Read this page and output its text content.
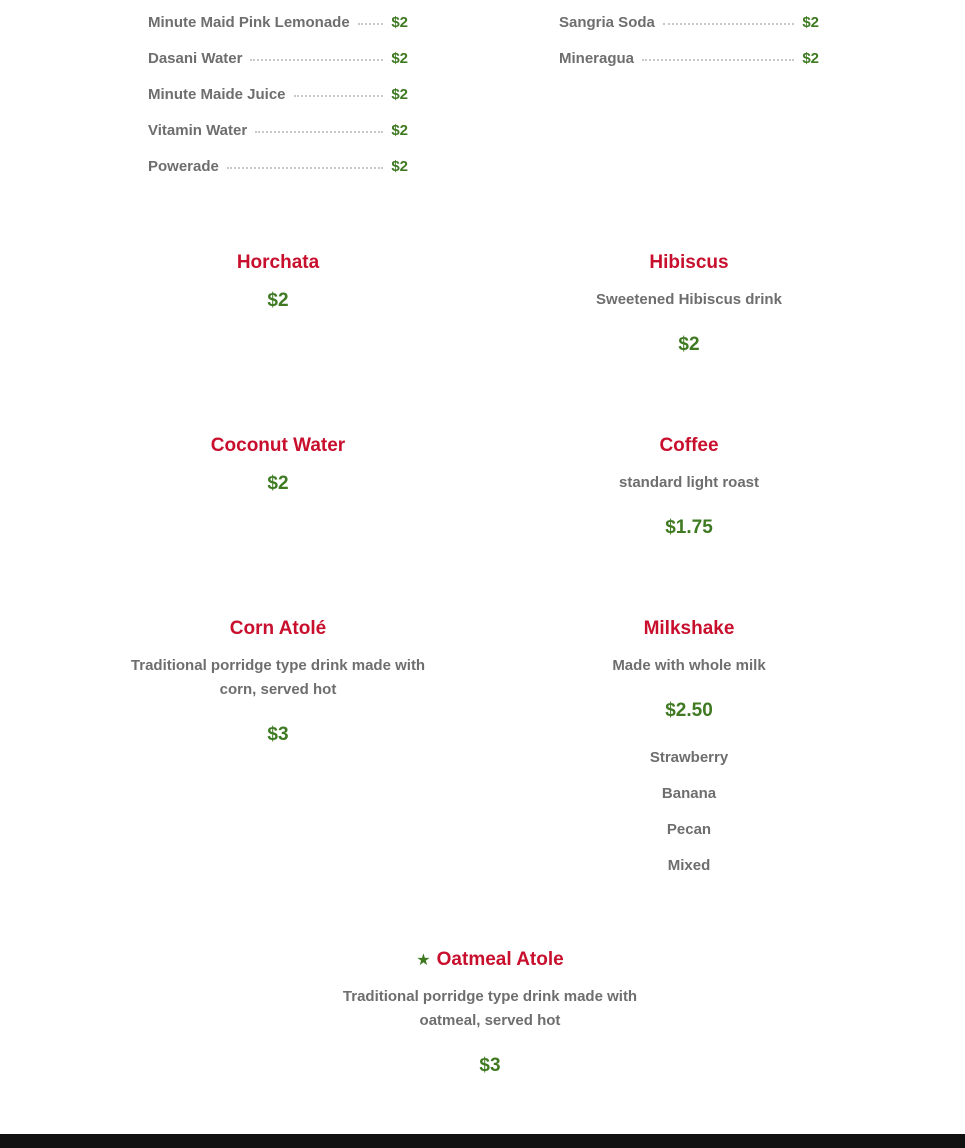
Minute Maid Pink Lemonade	$2
Dasani Water	$2
Minute Maide Juice	$2
Vitamin Water	$2
Powerade	$2
Sangria Soda	$2
Mineragua	$2
Horchata
$2
Hibiscus
Sweetened Hibiscus drink
$2
Coconut Water
$2
Coffee
standard light roast
$1.75
Corn Atolé
Traditional porridge type drink made with corn, served hot
$3
Milkshake
Made with whole milk
$2.50
Strawberry
Banana
Pecan
Mixed
★ Oatmeal Atole
Traditional porridge type drink made with oatmeal, served hot
$3
